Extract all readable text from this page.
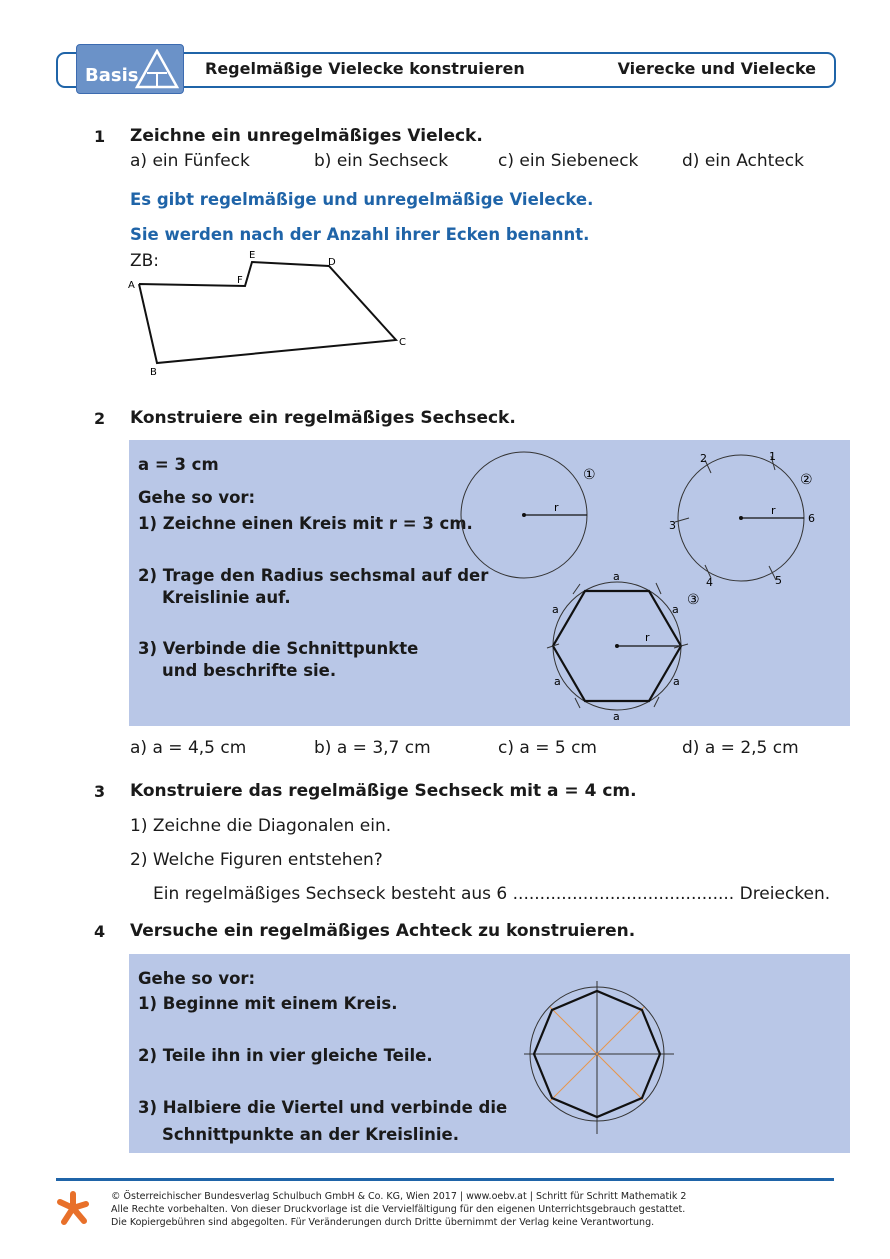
Basis	Regelmäßige Vielecke konstruieren	Vierecke und Vielecke
1 Zeichne ein unregelmäßiges Vieleck.
a) ein Fünfeck	b) ein Sechseck	c) ein Siebeneck	d) ein Achteck
Es gibt regelmäßige und unregelmäßige Vielecke.
Sie werden nach der Anzahl ihrer Ecken benannt.
ZB:
A
B
C
D
E
F
2 Konstruiere ein regelmäßiges Sechseck.
a = 3 cm
Gehe so vor:
1) Zeichne einen Kreis mit r = 3 cm.
2) Trage den Radius sechsmal auf der
Kreislinie auf.
3) Verbinde die Schnittpunkte
und beschrifte sie.
r
①
r
1
2
3
4	5
6
②
r
a
a	a
a	a
a
③
a) a = 4,5 cm	b) a = 3,7 cm	c) a = 5 cm	d) a = 2,5 cm
3 Konstruiere das regelmäßige Sechseck mit a = 4 cm.
1) Zeichne die Diagonalen ein.
2) Welche Figuren entstehen?
Ein regelmäßiges Sechseck besteht aus 6 ......................................... Dreiecken.
4 Versuche ein regelmäßiges Achteck zu konstruieren.
Gehe so vor:
1) Beginne mit einem Kreis.
2) Teile ihn in vier gleiche Teile.
3) Halbiere die Viertel und verbinde die
Schnittpunkte an der Kreislinie.
© Österreichischer Bundesverlag Schulbuch GmbH & Co. KG, Wien 2017 | www.oebv.at | Schritt für Schritt Mathematik 2
Alle Rechte vorbehalten. Von dieser Druckvorlage ist die Vervielfältigung für den eigenen Unterrichtsgebrauch gestattet.
Die Kopiergebühren sind abgegolten. Für Veränderungen durch Dritte übernimmt der Verlag keine Verantwortung.
